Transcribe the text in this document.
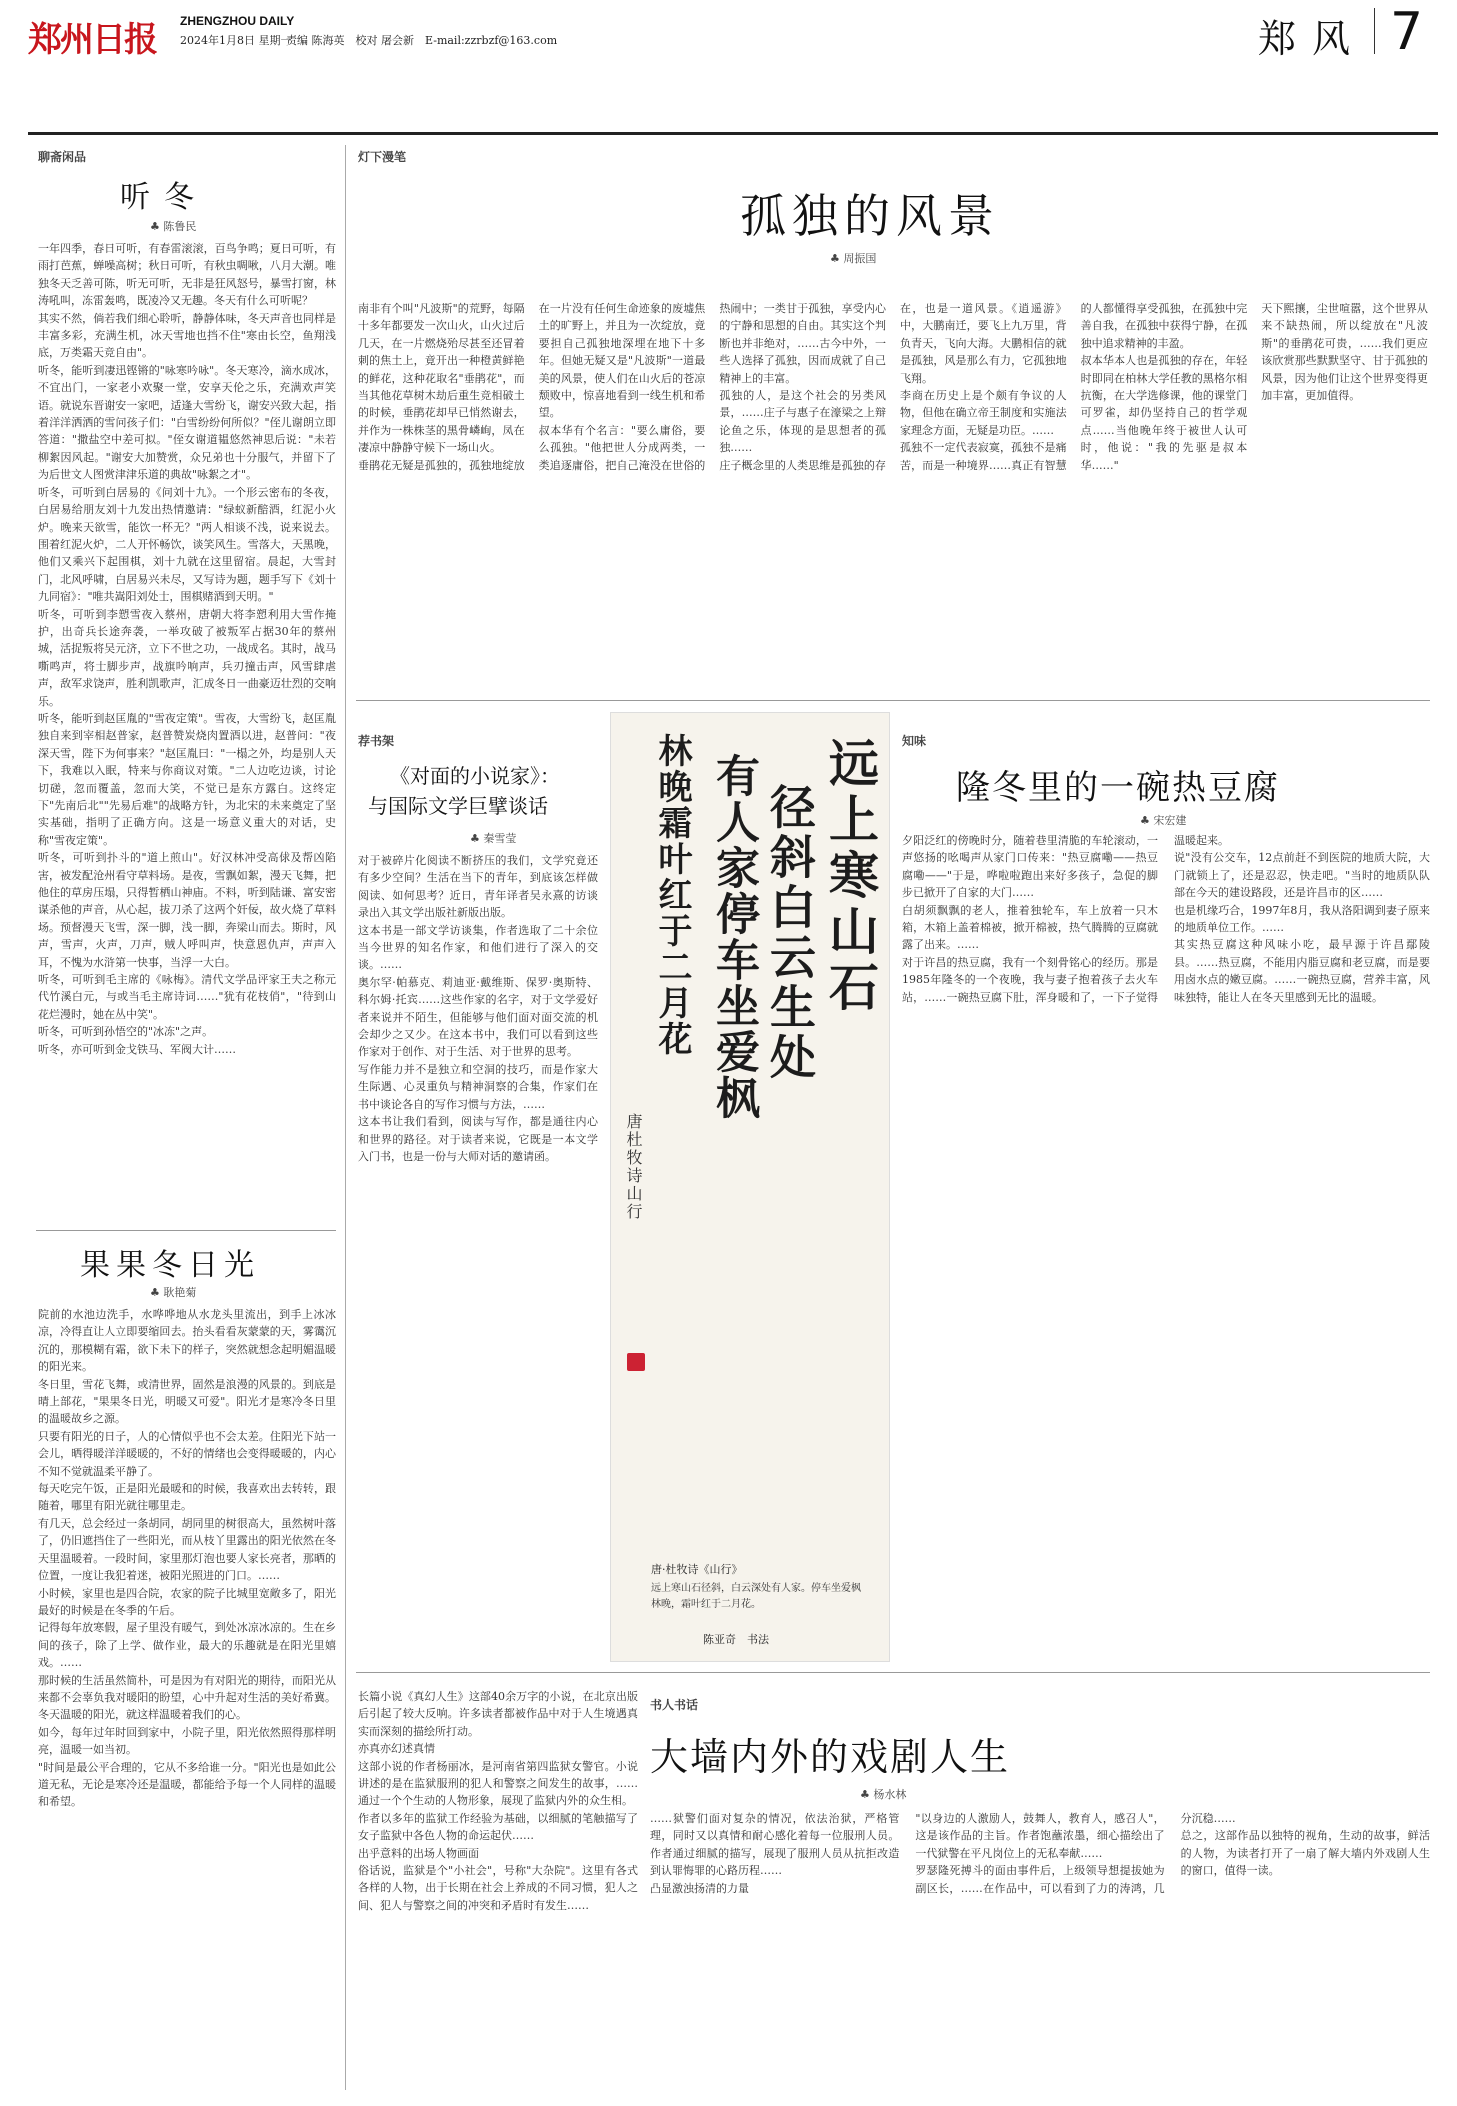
郑州日报 ZHENGZHOU DAILY
2024年1月8日 星期一
责编 陈海英　校对 屠会新　E-mail:zzrbzf@163.com	郑风 7
聊斋闲品
听冬
♣ 陈鲁民
一年四季，春日可听，有春雷滚滚，百鸟争鸣；夏日可听，有雨打芭蕉，蝉噪高树；秋日可听，有秋虫啁啾，八月大潮。唯独冬天乏善可陈，听无可听，无非是狂风怒号，暴雪打窗，林涛吼叫，冻雷轰鸣，既凌冷又无趣。冬天有什么可听呢？
其实不然，倘若我们细心聆听，静静体味，冬天声音也同样是丰富多彩，充满生机，冰天雪地也挡不住"寒由长空，鱼翔浅底，万类霜天竞自由"。
听冬，能听到凄迅铿锵的"咏寒吟咏"。冬天寒冷，滴水成冰，不宜出门，一家老小欢聚一堂，安享天伦之乐，充满欢声笑语。就说东晋谢安一家吧，适逢大雪纷飞，谢安兴致大起，指着洋洋洒洒的雪问孩子们："白雪纷纷何所似？"侄儿谢朗立即答道："撒盐空中差可拟。"侄女谢道韫悠然神思后说："未若柳絮因风起。"谢安大加赞赏，众兄弟也十分服气，并留下了为后世文人图赏津津乐道的典故"咏絮之才"。
听冬，可听到白居易的《问刘十九》。一个形云密布的冬夜，白居易给朋友刘十九发出热情邀请："绿蚁新醅酒，红泥小火炉。晚来天欲雪，能饮一杯无？"两人相谈不浅，说来说去。围着红泥火炉，二人开怀畅饮，谈笑风生。雪落大，天黑晚，他们又乘兴下起围棋，刘十九就在这里留宿。晨起，大雪封门，北风呼啸，白居易兴未尽，又写诗为题，题手写下《刘十九同宿》："唯共嵩阳刘处士，围棋赌酒到天明。"
听冬，可听到李愬雪夜入蔡州，唐朝大将李愬利用大雪作掩护，出奇兵长途奔袭，一举攻破了被叛军占据30年的蔡州城，活捉叛将吴元济，立下不世之功，一战成名。其时，战马嘶鸣声，将士脚步声，战旗吟响声，兵刃撞击声，风雪肆虐声，敌军求饶声，胜利凯歌声，汇成冬日一曲豪迈壮烈的交响乐。
听冬，能听到赵匡胤的"雪夜定策"。雪夜，大雪纷飞，赵匡胤独自来到宰相赵普家，赵普赞炭烧肉置酒以进，赵普问："夜深天雪，陛下为何事来？"赵匡胤曰："一榻之外，均是别人天下，我难以入眠，特来与你商议对策。"二人边吃边谈，讨论切磋，忽而覆盖，忽而大笑，不觉已是东方露白。这终定下"先南后北""先易后难"的战略方针，为北宋的未来奠定了坚实基础，指明了正确方向。这是一场意义重大的对话，史称"雪夜定策"。
听冬，可听到扑斗的"道上煎山"。好汉林冲受高俅及帮凶陷害，被发配沧州看守草料场。是夜，雪飘如絮，漫天飞舞，把他住的草房压塌，只得暂栖山神庙。不料，听到陆谦、富安密谋杀他的声音，从心起，拔刀杀了这两个奸佞，故火烧了草料场。预督漫天飞雪，深一脚，浅一脚，奔梁山而去。斯时，风声，雪声，火声，刀声，贼人呼叫声，快意恩仇声，声声入耳，不愧为水浒第一快事，当浮一大白。
听冬，可听到毛主席的《咏梅》。清代文学品评家王夫之称元代竹溪白元，与或当毛主席诗词……"犹有花枝俏"，"待到山花烂漫时，她在丛中笑"。
听冬，可听到孙悟空的"冰冻"之声。
听冬，亦可听到金戈铁马、军阀大计……
果果冬日光
♣ 耿艳菊
院前的水池边洗手，水哗哗地从水龙头里流出，到手上冰冰凉，冷得直让人立即要缩回去。抬头看看灰蒙蒙的天，雾霭沉沉的，那模糊有霜，欲下未下的样子，突然就想念起明媚温暖的阳光来。
冬日里，雪花飞舞，或清世界，固然是浪漫的风景的。到底是晴上部花，"果果冬日光，明暖又可爱"。阳光才是寒冷冬日里的温暖故乡之源。
只要有阳光的日子，人的心情似乎也不会太差。住阳光下站一会儿，晒得暖洋洋暖暖的，不好的情绪也会变得暖暖的，内心不知不觉就温柔平静了。
每天吃完午饭，正是阳光最暖和的时候，我喜欢出去转转，跟随着，哪里有阳光就往哪里走。
有几天，总会经过一条胡同，胡同里的树很高大，虽然树叶落了，仍旧遮挡住了一些阳光，而从枝丫里露出的阳光依然在冬天里温暖着。一段时间，家里那灯泡也要人家长亮者，那晒的位置，一度让我犯着迷，被阳光照进的门口。……
小时候，家里也是四合院，农家的院子比城里宽敞多了，阳光最好的时候是在冬季的午后。
记得每年放寒假，屋子里没有暖气，到处冰凉冰凉的。生在乡间的孩子，除了上学、做作业，最大的乐趣就是在阳光里嬉戏。……
那时候的生活虽然简朴，可是因为有对阳光的期待，而阳光从来都不会辜负我对暖阳的盼望，心中升起对生活的美好希冀。冬天温暖的阳光，就这样温暖着我们的心。
如今，每年过年时回到家中，小院子里，阳光依然照得那样明亮，温暖一如当初。
"时间是最公平合理的，它从不多给谁一分。"阳光也是如此公道无私，无论是寒冷还是温暖，都能给予每一个人同样的温暖和希望。
灯下漫笔
孤独的风景
♣ 周振国
南非有个叫"凡波斯"的荒野，每隔十多年都要发一次山火，山火过后几天，在一片燃烧殆尽甚至还冒着刺的焦土上，竟开出一种橙黄鲜艳的鲜花，这种花取名"垂鹃花"，而当其他花草树木劫后重生竞相破土的时候，垂鹃花却早已悄然谢去，并作为一株株茎的黑骨嶙峋，凤在凄凉中静静守候下一场山火。
垂鹃花无疑是孤独的，孤独地绽放在一片没有任何生命迹象的废墟焦土的旷野上，并且为一次绽放，竟要担自己孤独地深埋在地下十多年。但她无疑又是"凡波斯"一道最美的风景，使人们在山火后的苍凉颓败中，惊喜地看到一线生机和希望。
叔本华有个名言："要么庸俗，要么孤独。"他把世人分成两类，一类追逐庸俗，把自己淹没在世俗的热闹中；一类甘于孤独，享受内心的宁静和思想的自由。其实这个判断也并非绝对，……古今中外，一些人选择了孤独，因而成就了自己精神上的丰富。
孤独的人，是这个社会的另类风景，……庄子与惠子在濠梁之上辩论鱼之乐，体现的是思想者的孤独……
庄子概念里的人类思维是孤独的存在，也是一道风景。《逍遥游》中，大鹏南迁，要飞上九万里，背负青天，飞向大海。大鹏相信的就是孤独，风是那么有力，它孤独地飞翔。
李商在历史上是个颇有争议的人物，但他在确立帝王制度和实施法家理念方面，无疑是功臣。……
孤独不一定代表寂寞，孤独不是痛苦，而是一种境界……真正有智慧的人都懂得享受孤独，在孤独中完善自我，在孤独中获得宁静，在孤独中追求精神的丰盈。
叔本华本人也是孤独的存在，年轻时即同在柏林大学任教的黑格尔相抗衡，在大学选修课，他的课堂门可罗雀，却仍坚持自己的哲学观点……当他晚年终于被世人认可时，他说："我的先驱是叔本华……"
天下熙攘，尘世喧嚣，这个世界从来不缺热闹，所以绽放在"凡波斯"的垂鹃花可贵，……我们更应该欣赏那些默默坚守、甘于孤独的风景，因为他们让这个世界变得更加丰富，更加值得。
荐书架
《对面的小说家》：
与国际文学巨擘谈话
♣ 秦雪莹
对于被碎片化阅读不断挤压的我们，文学究竟还有多少空间？生活在当下的青年，到底该怎样做阅读、如何思考？近日，青年译者吴永熹的访谈录出入其文学出版社新版出版。
这本书是一部文学访谈集，作者选取了二十余位当今世界的知名作家，和他们进行了深入的交谈。……
奥尔罕·帕慕克、莉迪亚·戴维斯、保罗·奥斯特、科尔姆·托宾……这些作家的名字，对于文学爱好者来说并不陌生，但能够与他们面对面交流的机会却少之又少。在这本书中，我们可以看到这些作家对于创作、对于生活、对于世界的思考。
写作能力并不是独立和空洞的技巧，而是作家大生际遇、心灵重负与精神洞察的合集，作家们在书中谈论各自的写作习惯与方法，……
这本书让我们看到，阅读与写作，都是通往内心和世界的路径。对于读者来说，它既是一本文学入门书，也是一份与大师对话的邀请函。
远上寒山石
径斜白云生处
有人家停车坐爱枫
林晚霜叶红于二月花
唐杜牧诗山行
唐·杜牧诗《山行》
远上寒山石径斜，白云深处有人家。停车坐爱枫林晚，霜叶红于二月花。
陈亚奇　书法
知味
隆冬里的一碗热豆腐
♣ 宋宏建
夕阳泛红的傍晚时分，随着巷里清脆的车轮滚动，一声悠扬的吆喝声从家门口传来："热豆腐嘞——热豆腐嘞——"于是，哗啦啦跑出来好多孩子，急促的脚步已掀开了自家的大门……
白胡须飘飘的老人，推着独轮车，车上放着一只木箱，木箱上盖着棉被，掀开棉被，热气腾腾的豆腐就露了出来。……
对于许昌的热豆腐，我有一个刻骨铭心的经历。那是1985年隆冬的一个夜晚，我与妻子抱着孩子去火车站，……一碗热豆腐下肚，浑身暖和了，一下子觉得温暖起来。
说"没有公交车，12点前赶不到医院的地质大院，大门就锁上了，还是忍忍，快走吧。"当时的地质队队部在今天的建设路段，还是许昌市的区……
也是机缘巧合，1997年8月，我从洛阳调到妻子原来的地质单位工作。……
其实热豆腐这种风味小吃，最早源于许昌鄢陵县。……热豆腐，不能用内脂豆腐和老豆腐，而是要用卤水点的嫩豆腐。……一碗热豆腐，营养丰富，风味独特，能让人在冬天里感到无比的温暖。
书人书话
大墙内外的戏剧人生
♣ 杨水林
长篇小说《真幻人生》这部40余万字的小说，在北京出版后引起了较大反响。许多读者都被作品中对于人生境遇真实而深刻的描绘所打动。
亦真亦幻述真情
这部小说的作者杨丽冰，是河南省第四监狱女警官。小说讲述的是在监狱服刑的犯人和警察之间发生的故事，……通过一个个生动的人物形象，展现了监狱内外的众生相。
作者以多年的监狱工作经验为基础，以细腻的笔触描写了女子监狱中各色人物的命运起伏……
出乎意料的出场人物画面
俗话说，监狱是个"小社会"，号称"大杂院"。这里有各式各样的人物，出于长期在社会上养成的不同习惯，犯人之间、犯人与警察之间的冲突和矛盾时有发生……
……狱警们面对复杂的情况，依法治狱，严格管理，同时又以真情和耐心感化着每一位服刑人员。作者通过细腻的描写，展现了服刑人员从抗拒改造到认罪悔罪的心路历程……
凸显激浊扬清的力量
"以身边的人激励人，鼓舞人，教育人，感召人"，这是该作品的主旨。作者饱蘸浓墨，细心描绘出了一代狱警在平凡岗位上的无私奉献……
罗瑟隆死搏斗的面由事件后，上级领导想提拔她为副区长，……在作品中，可以看到了力的涛鸿，几分沉稳……
总之，这部作品以独特的视角，生动的故事，鲜活的人物，为读者打开了一扇了解大墙内外戏剧人生的窗口，值得一读。
